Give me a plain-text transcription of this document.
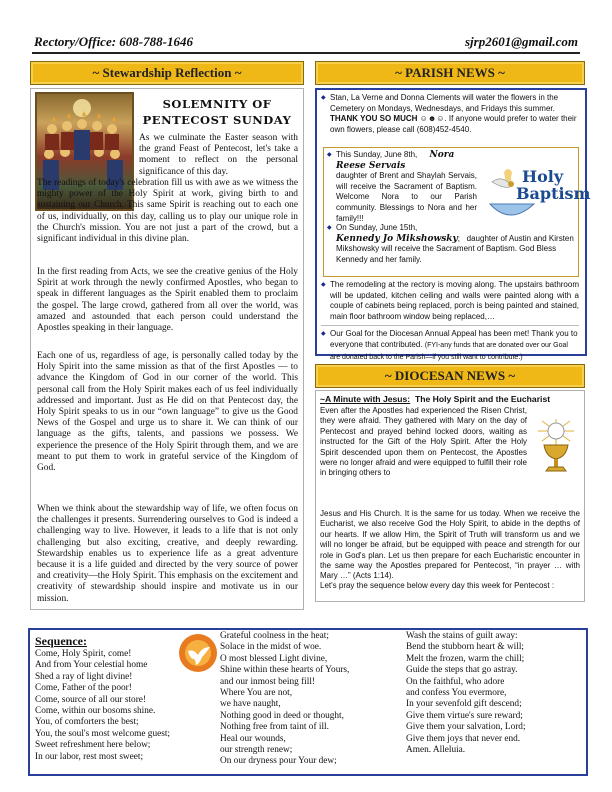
Rectory/Office: 608-788-1646	sjrp2601@gmail.com
~ Stewardship Reflection ~
SOLEMNITY OF
PENTECOST SUNDAY

As we culminate the Easter season with the grand Feast of Pentecost, let's take a moment to reflect on the personal significance of this day.

The readings of today's celebration fill us with awe as we witness the mighty power of the Holy Spirit at work, giving birth to and sustaining our Church. This same Spirit is reaching out to each one of us, individually, on this day, calling us to play our unique role in the Church's mission. You are not just a part of the crowd, but a significant individual in this divine plan.

In the first reading from Acts, we see the creative genius of the Holy Spirit at work through the newly confirmed Apostles, who began to speak in different languages as the Spirit enabled them to proclaim the gospel. The large crowd, gathered from all over the world, was amazed and astounded that each person could understand the Apostles speaking in their language.

Each one of us, regardless of age, is personally called today by the Holy Spirit into the same mission as that of the first Apostles — to advance the Kingdom of God in our corner of the world. This personal call from the Holy Spirit makes each of us feel individually addressed and important. Just as He did on that Pentecost day, the Holy Spirit speaks to us in our “own language” to give us the Good News of the Gospel and urge us to share it. We can think of our language as the gifts, talents, and passions we possess. We experience the presence of the Holy Spirit through them, and we are meant to put them to work in grateful service of the Kingdom of God.

When we think about the stewardship way of life, we often focus on the challenges it presents. Surrendering ourselves to God is indeed a challenging way to live. However, it leads to a life that is not only challenging but also exciting, creative, and deeply rewarding. Stewardship enables us to experience life as a great adventure because it is a life guided and directed by the very source of power and creativity—the Holy Spirit. This emphasis on the excitement and creativity of stewardship should inspire and motivate us in our mission.

~ PARISH NEWS ~

◆ Stan, La Verne and Donna Clements will water the flowers in the Cemetery on Mondays, Wednesdays, and Fridays this summer. THANK YOU SO MUCH ☺☻☺. If anyone would prefer to water their own flowers, please call (608)452-4540.

◆ This Sunday, June 8th, Nora Reese Servais
daughter of Brent and Shaylah Servais, will receive the Sacrament of Baptism. Welcome Nora to our Parish community. Blessings to Nora and her family!!!

Holy
Baptism

◆ On Sunday, June 15th,
Kennedy Jo Mikshowsky;   daughter of Austin and Kirsten Mikshowsky will receive the Sacrament of Baptism. God Bless Kennedy and her family.

◆ The remodeling at the rectory is moving along. The upstairs bathroom will be updated, kitchen ceiling and walls were painted along with a couple of cabinets being replaced, porch is being painted and stained, main floor bathroom window being replaced,…

◆ Our Goal for the Diocesan Annual Appeal has been met! Thank you to everyone that contributed. (FYI-any funds that are donated over our Goal are donated back to the Parish—if you still want to contribute.)

~ DIOCESAN NEWS ~
~A Minute with Jesus: The Holy Spirit and the Eucharist

Even after the Apostles had experienced the Risen Christ, they were afraid. They gathered with Mary on the day of Pentecost and prayed behind locked doors, waiting as instructed for the Gift of the Holy Spirit. After the Holy Spirit descended upon them on Pentecost, the Apostles were no longer afraid and were equipped to fulfill their role in bringing others to

Jesus and His Church. It is the same for us today. When we receive the Eucharist, we also receive God the Holy Spirit, to abide in the depths of our hearts. If we allow Him, the Spirit of Truth will transform us and we will no longer be afraid, but be equipped with peace and strength for our role in God's plan. Let us then prepare for each Eucharistic encounter in the same way the Apostles prepared for Pentecost, “in prayer … with Mary …” (Acts 1:14).

Let's pray the sequence below every day this week for Pentecost :

Sequence:

Come, Holy Spirit, come!

And from Your celestial home

Shed a ray of light divine!

Come, Father of the poor!

Come, source of all our store!

Come, within our bosoms shine.

You, of comforters the best;

You, the soul's most welcome guest;

Sweet refreshment here below;

In our labor, rest most sweet;

Grateful coolness in the heat;

Solace in the midst of woe.

O most blessed Light divine,

Shine within these hearts of Yours,

and our inmost being fill!

Where You are not,

we have naught,

Nothing good in deed or thought,

Nothing free from taint of ill.

Heal our wounds,

our strength renew;

On our dryness pour Your dew;

Wash the stains of guilt away:

Bend the stubborn heart & will;

Melt the frozen, warm the chill;

Guide the steps that go astray.

On the faithful, who adore

and confess You evermore,

In your sevenfold gift descend;

Give them virtue's sure reward;

Give them your salvation, Lord;

Give them joys that never end.

Amen. Alleluia.
